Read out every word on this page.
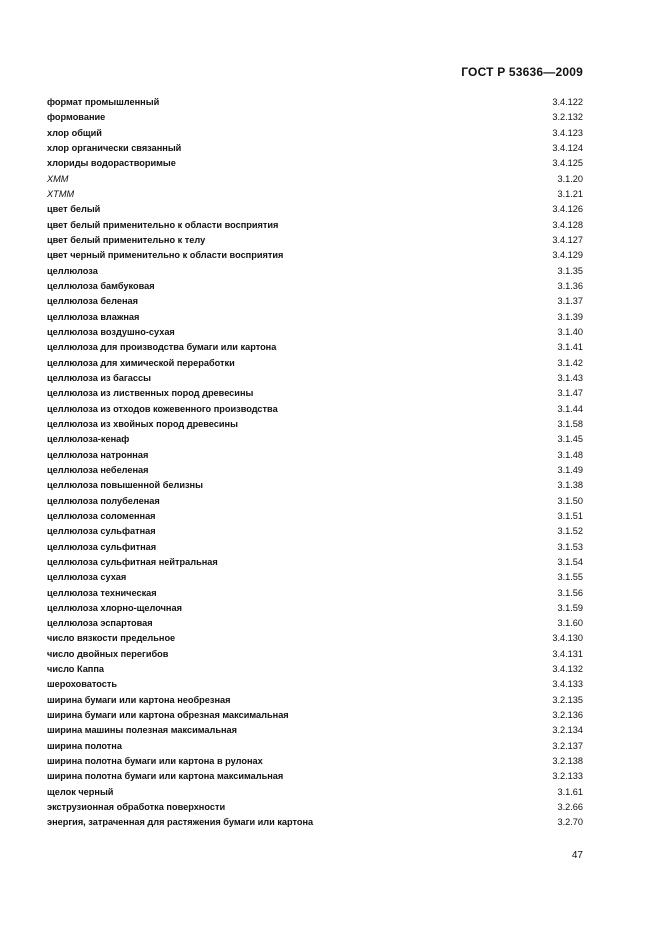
ГОСТ Р 53636—2009
формат промышленный	3.4.122
формование	3.2.132
хлор общий	3.4.123
хлор органически связанный	3.4.124
хлориды водорастворимые	3.4.125
ХММ	3.1.20
ХТММ	3.1.21
цвет белый	3.4.126
цвет белый применительно к области восприятия	3.4.128
цвет белый применительно к телу	3.4.127
цвет черный применительно к области восприятия	3.4.129
целлюлоза	3.1.35
целлюлоза бамбуковая	3.1.36
целлюлоза беленая	3.1.37
целлюлоза влажная	3.1.39
целлюлоза воздушно-сухая	3.1.40
целлюлоза для производства бумаги или картона	3.1.41
целлюлоза для химической переработки	3.1.42
целлюлоза из багассы	3.1.43
целлюлоза из лиственных пород древесины	3.1.47
целлюлоза из отходов кожевенного производства	3.1.44
целлюлоза из хвойных пород древесины	3.1.58
целлюлоза-кенаф	3.1.45
целлюлоза натронная	3.1.48
целлюлоза небеленая	3.1.49
целлюлоза повышенной белизны	3.1.38
целлюлоза полубеленая	3.1.50
целлюлоза соломенная	3.1.51
целлюлоза сульфатная	3.1.52
целлюлоза сульфитная	3.1.53
целлюлоза сульфитная нейтральная	3.1.54
целлюлоза сухая	3.1.55
целлюлоза техническая	3.1.56
целлюлоза хлорно-щелочная	3.1.59
целлюлоза эспартовая	3.1.60
число вязкости предельное	3.4.130
число двойных перегибов	3.4.131
число Каппа	3.4.132
шероховатость	3.4.133
ширина бумаги или картона необрезная	3.2.135
ширина бумаги или картона обрезная максимальная	3.2.136
ширина машины полезная максимальная	3.2.134
ширина полотна	3.2.137
ширина полотна бумаги или картона в рулонах	3.2.138
ширина полотна бумаги или картона максимальная	3.2.133
щелок черный	3.1.61
экструзионная обработка поверхности	3.2.66
энергия, затраченная для растяжения бумаги или картона	3.2.70
47
